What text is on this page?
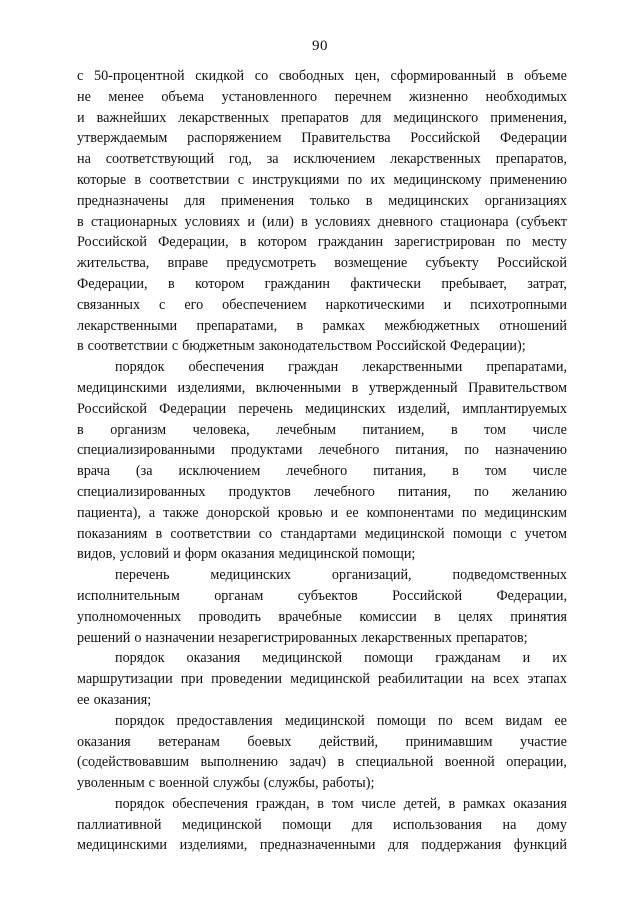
90
с 50-процентной скидкой со свободных цен, сформированный в объеме
не менее объема установленного перечнем жизненно необходимых
и важнейших лекарственных препаратов для медицинского применения,
утверждаемым распоряжением Правительства Российской Федерации
на соответствующий год, за исключением лекарственных препаратов,
которые в соответствии с инструкциями по их медицинскому применению
предназначены для применения только в медицинских организациях
в стационарных условиях и (или) в условиях дневного стационара (субъект
Российской Федерации, в котором гражданин зарегистрирован по месту
жительства, вправе предусмотреть возмещение субъекту Российской
Федерации, в котором гражданин фактически пребывает, затрат,
связанных с его обеспечением наркотическими и психотропными
лекарственными препаратами, в рамках межбюджетных отношений
в соответствии с бюджетным законодательством Российской Федерации);
порядок обеспечения граждан лекарственными препаратами,
медицинскими изделиями, включенными в утвержденный Правительством
Российской Федерации перечень медицинских изделий, имплантируемых
в организм человека, лечебным питанием, в том числе
специализированными продуктами лечебного питания, по назначению
врача (за исключением лечебного питания, в том числе
специализированных продуктов лечебного питания, по желанию
пациента), а также донорской кровью и ее компонентами по медицинским
показаниям в соответствии со стандартами медицинской помощи с учетом
видов, условий и форм оказания медицинской помощи;
перечень	медицинских	организаций,	подведомственных
исполнительным органам субъектов Российской Федерации,
уполномоченных проводить врачебные комиссии в целях принятия
решений о назначении незарегистрированных лекарственных препаратов;
порядок оказания медицинской помощи гражданам и их
маршрутизации при проведении медицинской реабилитации на всех этапах
ее оказания;
порядок предоставления медицинской помощи по всем видам ее
оказания ветеранам боевых действий, принимавшим участие
(содействовавшим выполнению задач) в специальной военной операции,
уволенным с военной службы (службы, работы);
порядок обеспечения граждан, в том числе детей, в рамках оказания
паллиативной медицинской помощи для использования на дому
медицинскими изделиями, предназначенными для поддержания функций
